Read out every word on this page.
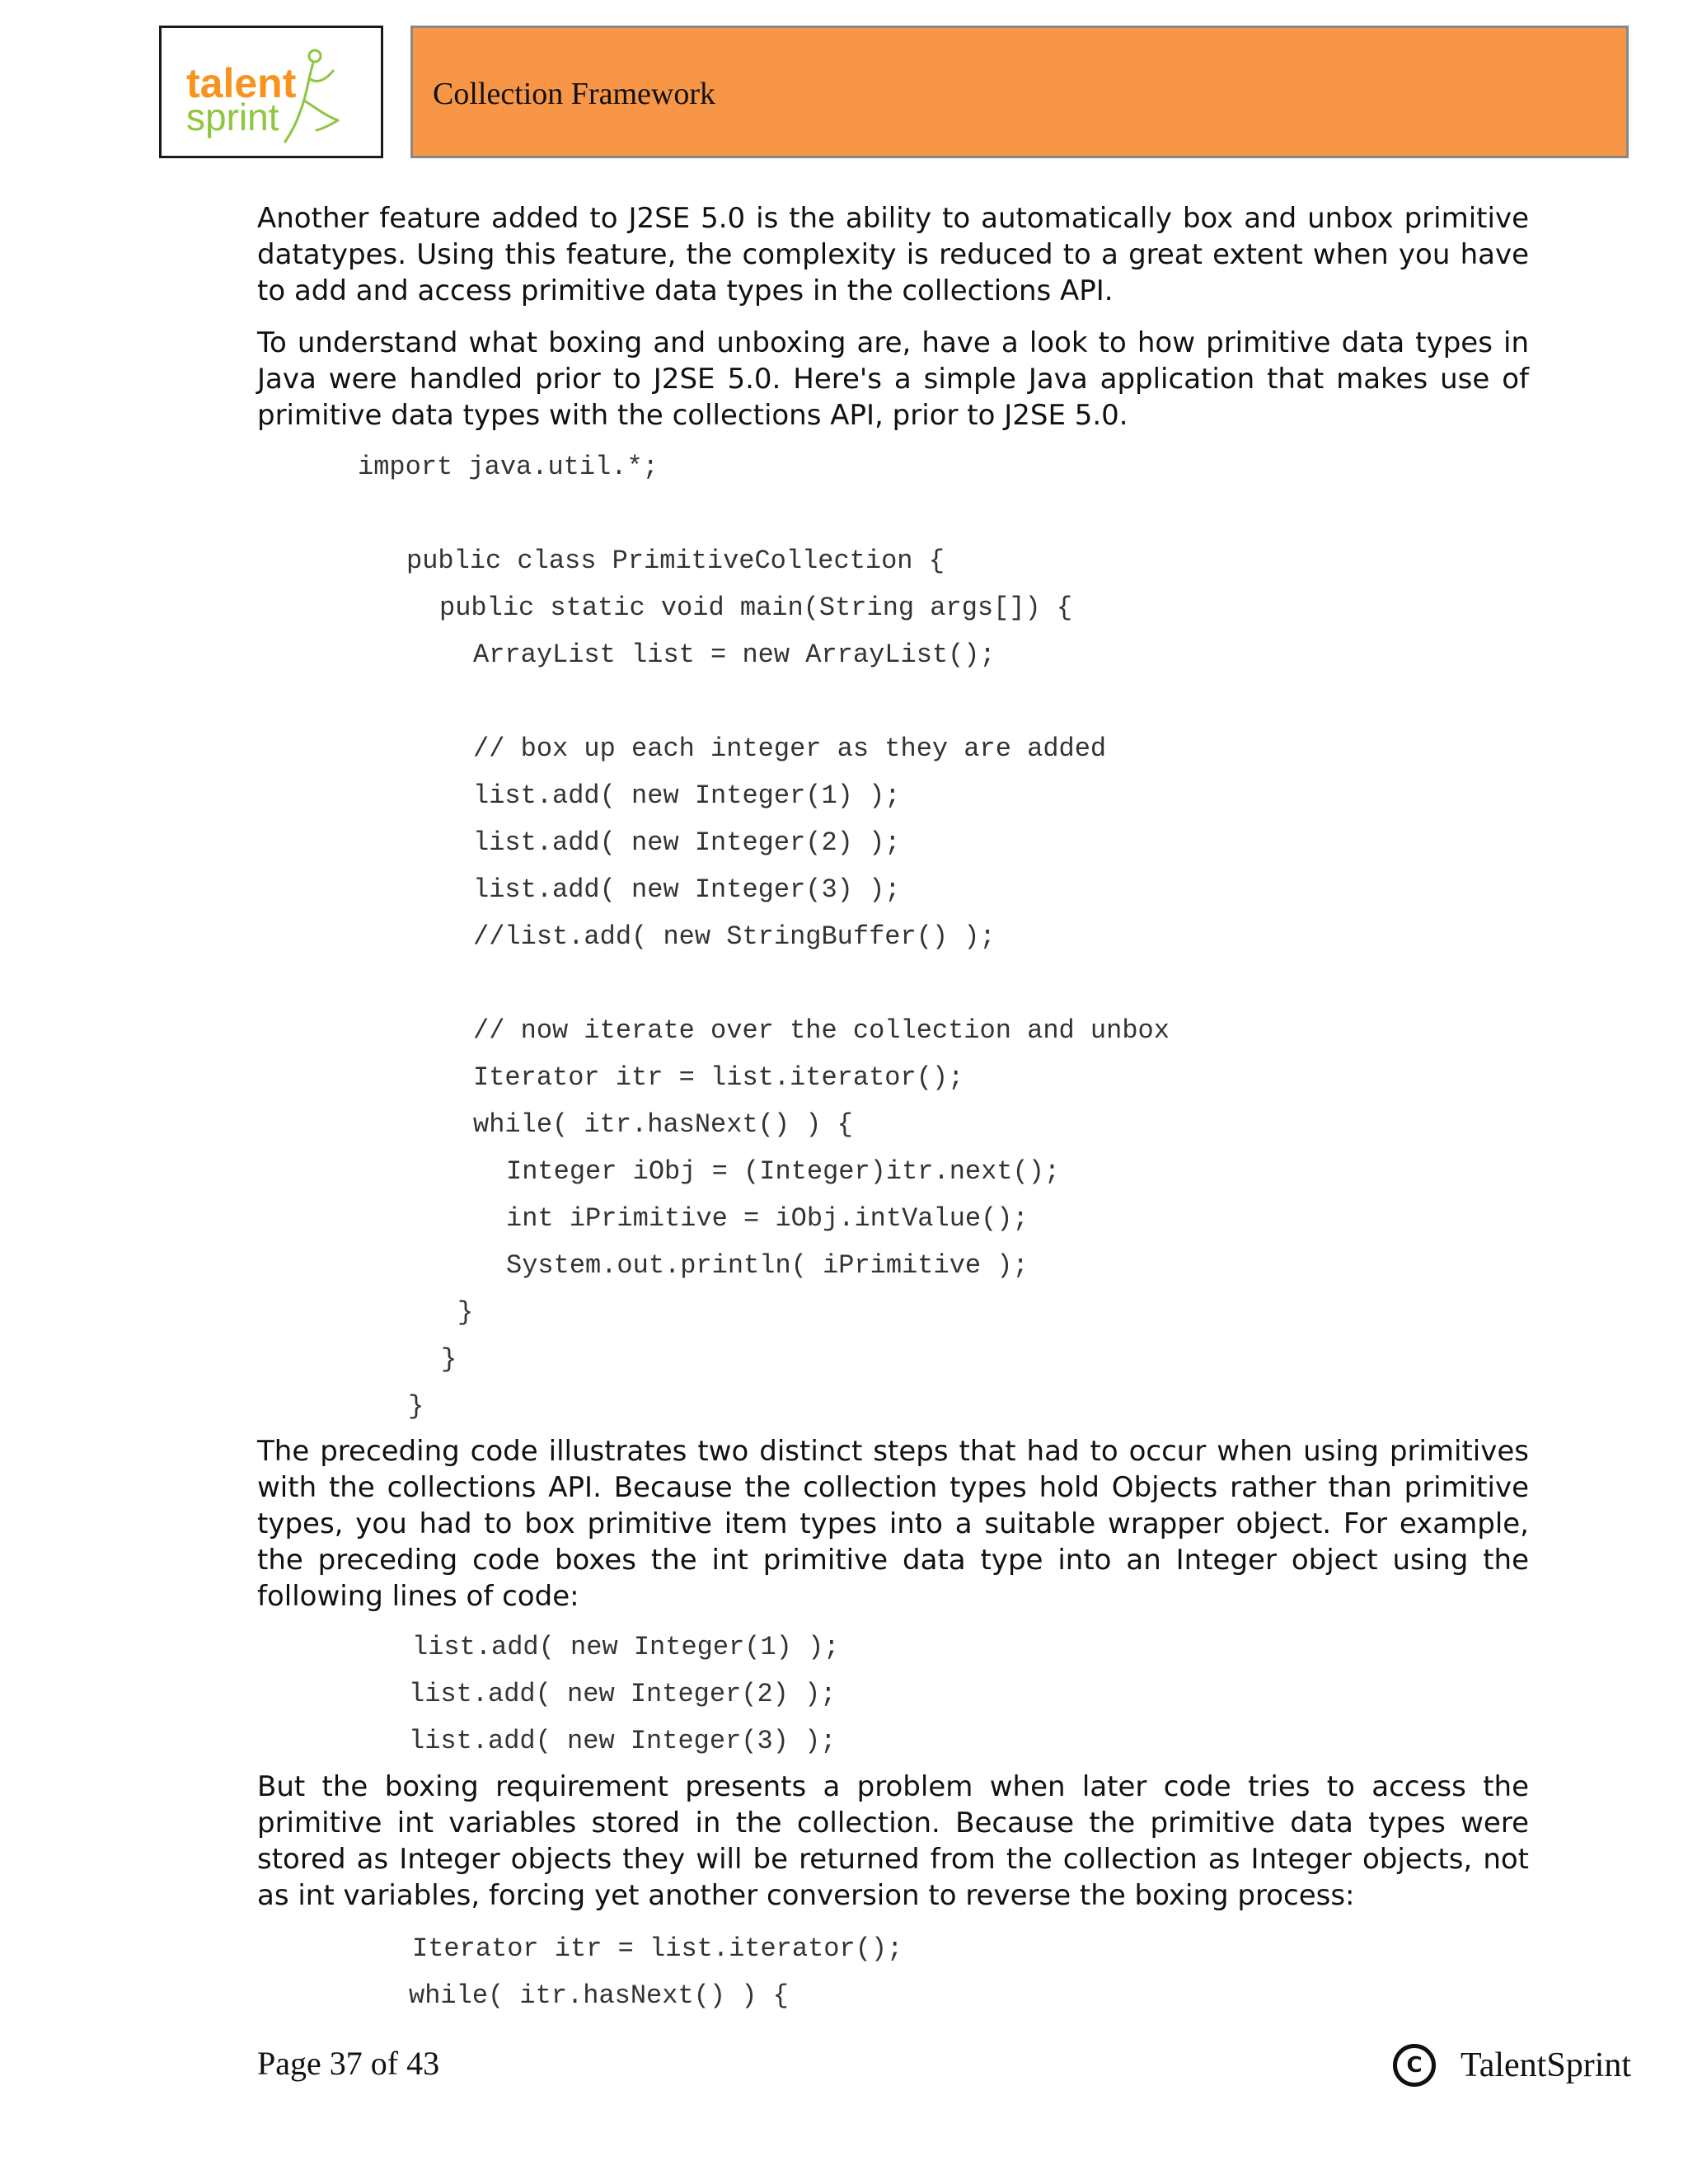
talent
sprint
Collection Framework

Another feature added to J2SE 5.0 is the ability to automatically box and unbox primitive datatypes. Using this feature, the complexity is reduced to a great extent when you have to add and access primitive data types in the collections API.

To understand what boxing and unboxing are, have a look to how primitive data types in Java were handled prior to J2SE 5.0. Here's a simple Java application that makes use of primitive data types with the collections API, prior to J2SE 5.0.

import java.util.*;
public class PrimitiveCollection {
public static void main(String args[]) {
ArrayList list = new ArrayList();
// box up each integer as they are added
list.add( new Integer(1) );
list.add( new Integer(2) );
list.add( new Integer(3) );
//list.add( new StringBuffer() );
// now iterate over the collection and unbox
Iterator itr = list.iterator();
while( itr.hasNext() ) {
Integer iObj = (Integer)itr.next();
int iPrimitive = iObj.intValue();
System.out.println( iPrimitive );
}
}
}

The preceding code illustrates two distinct steps that had to occur when using primitives with the collections API. Because the collection types hold Objects rather than primitive types, you had to box primitive item types into a suitable wrapper object. For example, the preceding code boxes the int primitive data type into an Integer object using the following lines of code:

list.add( new Integer(1) );
list.add( new Integer(2) );
list.add( new Integer(3) );

But the boxing requirement presents a problem when later code tries to access the primitive int variables stored in the collection. Because the primitive data types were stored as Integer objects they will be returned from the collection as Integer objects, not as int variables, forcing yet another conversion to reverse the boxing process:

Iterator itr = list.iterator();
while( itr.hasNext() ) {
Page 37 of 43	C	TalentSprint
